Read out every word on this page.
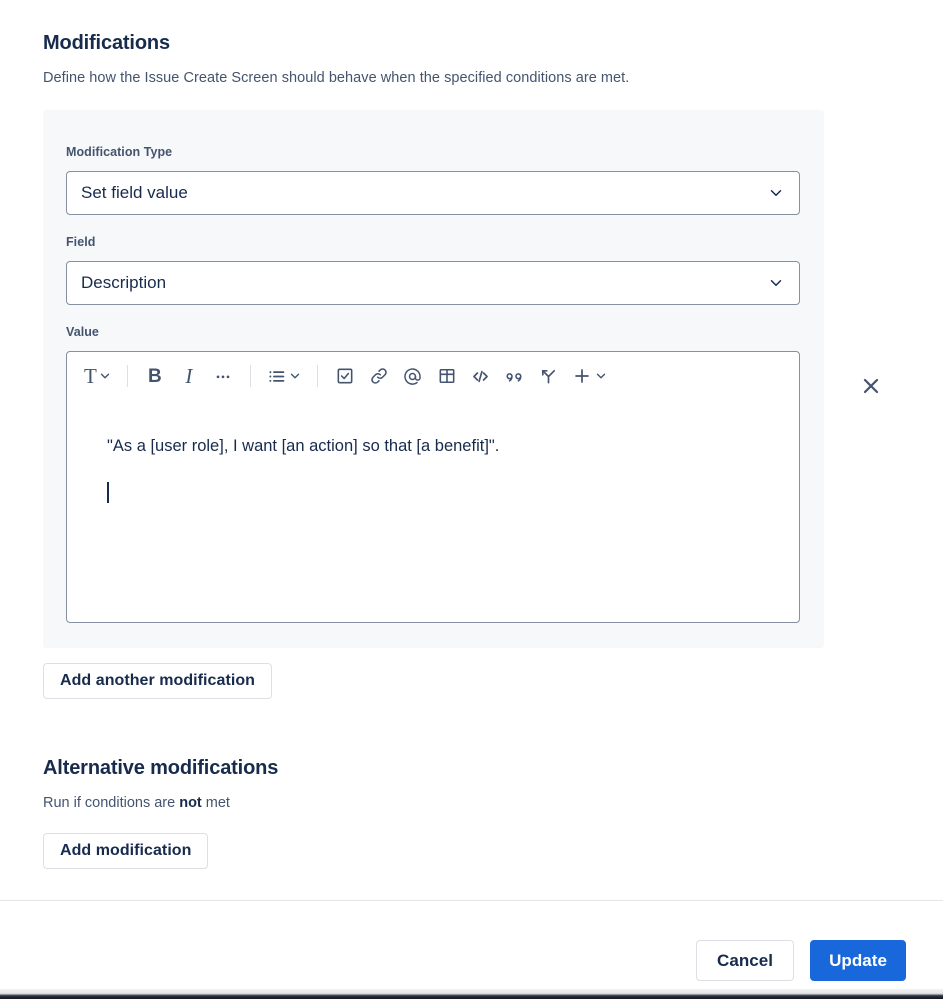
Modifications
Define how the Issue Create Screen should behave when the specified conditions are met.
Modification Type
Set field value
Field
Description
Value
T	B I

"As a [user role], I want [an action] so that [a benefit]".

Add another modification
Alternative modifications
Run if conditions are not met
Add modification
Cancel	Update
